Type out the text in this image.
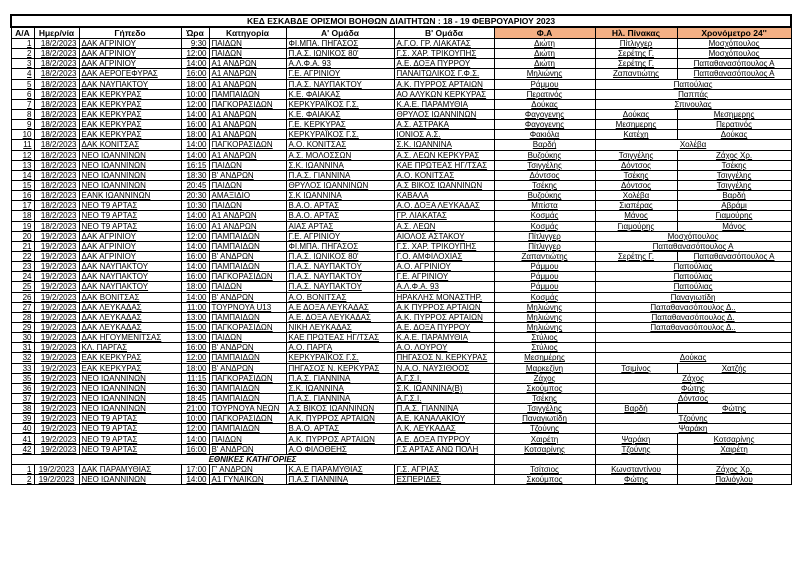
ΚΕΔ ΕΣΚΑΒΔΕ ΟΡΙΣΜΟΙ ΒΟΗΘΩΝ ΔΙΑΙΤΗΤΩΝ : 18 - 19 ΦΕΒΡΟΥΑΡΙΟΥ 2023									
Α/Α	Ημερ/νία	Γήπεδο	Ώρα	Κατηγορία	Α' Ομάδα	Β' Ομάδα	Φ.Α	Ηλ. Πίνακας	Χρονόμετρο 24''
1	18/2/2023	ΔΑΚ ΑΓΡΙΝΙΟΥ	9:30	ΠΑΙΔΩΝ	ΦΙ.ΜΠΑ. ΠΗΓΑΣΟΣ	Α.Γ.Ο. ΓΡ. ΛΙΑΚΑΤΑΣ	Διώτη	Πίτλιγγερ	Μοσχόπουλος
2	18/2/2023	ΔΑΚ ΑΓΡΙΝΙΟΥ	12:00	ΠΑΙΔΩΝ	Π.Α.Σ. ΙΩΝΙΚΟΣ 80'	Γ.Σ. ΧΑΡ. ΤΡΙΚΟΥΠΗΣ	Διώτη	Σερέτης Γ.	Μοσχόπουλος
3	18/2/2023	ΔΑΚ ΑΓΡΙΝΙΟΥ	14:00	Α1 ΑΝΔΡΩΝ	Α.Λ.Φ.Α. 93	Α.Ε. ΔΟΞΑ ΠΥΡΡΟΥ	Διώτη	Σερέτης Γ.	Παπαθανασόπουλος Α
4	18/2/2023	ΔΑΚ ΑΕΡΟΓΕΦΥΡΑΣ	16:00	Α1 ΑΝΔΡΩΝ	Γ.Ε. ΑΓΡΙΝΙΟΥ	ΠΑΝΑΙΤΩΛΙΚΟΣ Γ.Φ.Σ.	Μηλιώνης	Ζαπαντιώτης	Παπαθανασόπουλος Α
5	18/2/2023	ΔΑΚ ΝΑΥΠΑΚΤΟΥ	18:00	Α1 ΑΝΔΡΩΝ	Π.Α.Σ. ΝΑΥΠΑΚΤΟΥ	Α.Κ. ΠΥΡΡΟΣ ΑΡΤΑΙΩΝ	Ράμμου	Παπούλιας	
6	18/2/2023	ΕΑΚ ΚΕΡΚΥΡΑΣ	10:00	ΠΑΜΠΑΙΔΩΝ	Κ.Ε. ΦΑΙΑΚΑΣ	ΑΟ ΑΛΥΚΩΝ ΚΕΡΚΥΡΑΣ	Περατινός	Παππάς	
7	18/2/2023	ΕΑΚ ΚΕΡΚΥΡΑΣ	12:00	ΠΑΓΚΟΡΑΣΙΔΩΝ	ΚΕΡΚΥΡΑΪΚΟΣ Γ.Σ.	Κ.Α.Ε. ΠΑΡΑΜΥΘΙΑ	Δούκας	Σπινουλας	
8	18/2/2023	ΕΑΚ ΚΕΡΚΥΡΑΣ	14:00	Α1 ΑΝΔΡΩΝ	Κ.Ε. ΦΑΙΑΚΑΣ	ΘΡΥΛΟΣ ΙΩΑΝΝΙΝΩΝ	Φαγογενης	Δούκας	Μεσημερης
9	18/2/2023	ΕΑΚ ΚΕΡΚΥΡΑΣ	16:00	Α1 ΑΝΔΡΩΝ	Γ.Ε. ΚΕΡΚΥΡΑΣ	Α.Σ. ΑΣΤΡΑΚΑ	Φαγογενης	Μεσημερης	Περατινός
10	18/2/2023	ΕΑΚ ΚΕΡΚΥΡΑΣ	18:00	Α1 ΑΝΔΡΩΝ	ΚΕΡΚΥΡΑΪΚΟΣ Γ.Σ.	ΙΟΝΙΟΣ Α.Σ.	Φακιόλα	Κατέχη	Δούκας
11	18/2/2023	ΔΑΚ ΚΟΝΙΤΣΑΣ	14:00	ΠΑΓΚΟΡΑΣΙΔΩΝ	Α.Ο. ΚΟΝΙΤΣΑΣ	Σ.Κ. ΙΩΑΝΝΙΝΑ	Βαρδή	Χολέβα	
12	18/2/2023	ΝΕΟ ΙΩΑΝΝΙΝΩΝ	14:00	Α1 ΑΝΔΡΩΝ	Α.Σ. ΜΟΛΟΣΣΩΝ	Α.Σ. ΛΕΩΝ ΚΕΡΚΥΡΑΣ	Βυζούκης	Τσιγγέλης	Ζάχος Χρ.
13	18/2/2023	ΝΕΟ ΙΩΑΝΝΙΝΩΝ	16:15	ΠΑΙΔΩΝ	Σ.Κ. ΙΩΑΝΝΙΝΑ	ΚΑΕ ΠΡΩΤΕΑΣ ΗΓ/ΤΣΑΣ	Τσιγγέλης	Δόντσος	Τσέκης
14	18/2/2023	ΝΕΟ ΙΩΑΝΝΙΝΩΝ	18:30	Β' ΑΝΔΡΩΝ	Π.Α.Σ. ΓΙΑΝΝΙΝΑ	Α.Ο. ΚΟΝΙΤΣΑΣ	Δόντσος	Τσέκης	Τσιγγέλης
15	18/2/2023	ΝΕΟ ΙΩΑΝΝΙΝΩΝ	20:45	ΠΑΙΔΩΝ	ΘΡΥΛΟΣ ΙΩΑΝΝΙΝΩΝ	Α.Σ ΒΙΚΟΣ ΙΩΑΝΝΙΝΩΝ	Τσέκης	Δόντσος	Τσιγγέλης
16	18/2/2023	ΕΑΝΚ ΙΩΑΝΝΙΝΩΝ	20:30	ΑΜΑΞΙΔΙΟ	Σ.Κ ΙΩΑΝΝΙΝΑ	ΚΑΒΑΛΑ	Βυζούκης	Χολέβα	Βαρδή
17	18/2/2023	ΝΕΟ Τ9 ΑΡΤΑΣ	10:30	ΠΑΙΔΩΝ	Β.Α.Ο. ΑΡΤΑΣ	Α.Ο. ΔΟΞΑ ΛΕΥΚΑΔΑΣ	Μπίστα	Σιαπέρας	Αβράμι
18	18/2/2023	ΝΕΟ Τ9 ΑΡΤΑΣ	14:00	Α1 ΑΝΔΡΩΝ	Β.Α.Ο. ΑΡΤΑΣ	ΓΡ. ΛΙΑΚΑΤΑΣ	Κοσμάς	Μάνος	Γιαμούρης
19	18/2/2023	ΝΕΟ Τ9 ΑΡΤΑΣ	16:00	Α1 ΑΝΔΡΩΝ	ΑΙΑΣ ΑΡΤΑΣ	Α.Σ. ΛΕΩΝ	Κοσμάς	Γιαμούρης	Μάνος
20	19/2/2023	ΔΑΚ ΑΓΡΙΝΙΟΥ	12:00	ΠΑΜΠΑΙΔΩΝ	Γ.Ε. ΑΓΡΙΝΙΟΥ	ΑΙΟΛΟΣ ΑΣΤΑΚΟΥ	Πίτλιγγερ	Μοσχόπουλος	
21	19/2/2023	ΔΑΚ ΑΓΡΙΝΙΟΥ	14:00	ΠΑΜΠΑΙΔΩΝ	ΦΙ.ΜΠΑ. ΠΗΓΑΣΟΣ	Γ.Σ. ΧΑΡ. ΤΡΙΚΟΥΠΗΣ	Πίτλιγγερ	Παπαθανασόπουλος Α	
22	19/2/2023	ΔΑΚ ΑΓΡΙΝΙΟΥ	16:00	Β' ΑΝΔΡΩΝ	Π.Α.Σ. ΙΩΝΙΚΟΣ 80'	Γ.Ο. ΑΜΦΙΛΟΧΙΑΣ	Ζαπαντιώτης	Σερέτης Γ.	Παπαθανασόπουλος Α
23	19/2/2023	ΔΑΚ ΝΑΥΠΑΚΤΟΥ	14:00	ΠΑΜΠΑΙΔΩΝ	Π.Α.Σ. ΝΑΥΠΑΚΤΟΥ	Α.Ο. ΑΓΡΙΝΙΟΥ	Ράμμου	Παπούλιας	
24	19/2/2023	ΔΑΚ ΝΑΥΠΑΚΤΟΥ	16:00	ΠΑΓΚΟΡΑΣΙΔΩΝ	Π.Α.Σ. ΝΑΥΠΑΚΤΟΥ	Γ.Ε. ΑΓΡΙΝΙΟΥ	Ράμμου	Παπούλιας	
25	19/2/2023	ΔΑΚ ΝΑΥΠΑΚΤΟΥ	18:00	ΠΑΙΔΩΝ	Π.Α.Σ. ΝΑΥΠΑΚΤΟΥ	Α.Λ.Φ.Α. 93	Ράμμου	Παπούλιας	
26	19/2/2023	ΔΑΚ ΒΟΝΙΤΣΑΣ	14:00	Β' ΑΝΔΡΩΝ	Α.Ο. ΒΟΝΙΤΣΑΣ	ΗΡΑΚΛΗΣ ΜΟΝΑΣΤΗΡ.	Κοσμάς	Παναγιωτίδη	
27	19/2/2023	ΔΑΚ ΛΕΥΚΑΔΑΣ	11:00	ΤΟΥΡΝΟΥΑ U13	Α.Ε ΔΟΞΑ ΛΕΥΚΑΔΑΣ	Α.Κ ΠΥΡΡΟΣ ΑΡΤΑΙΩΝ	Μηλιώνης	Παπαθανασόπουλος Δ..	
28	19/2/2023	ΔΑΚ ΛΕΥΚΑΔΑΣ	13:00	ΠΑΜΠΑΙΔΩΝ	Α.Ε. ΔΟΞΑ ΛΕΥΚΑΔΑΣ	Α.Κ. ΠΥΡΡΟΣ ΑΡΤΑΙΩΝ	Μηλιώνης	Παπαθανασόπουλος Δ.	
29	19/2/2023	ΔΑΚ ΛΕΥΚΑΔΑΣ	15:00	ΠΑΓΚΟΡΑΣΙΔΩΝ	ΝΙΚΗ ΛΕΥΚΑΔΑΣ	Α.Ε. ΔΟΞΑ ΠΥΡΡΟΥ	Μηλιώνης	Παπαθανασόπουλος Δ..	
30	19/2/2023	ΔΑΚ ΗΓΟΥΜΕΝΙΤΣΑΣ	13:00	ΠΑΙΔΩΝ	ΚΑΕ ΠΡΩΤΕΑΣ ΗΓ/ΤΣΑΣ	Κ.Α.Ε. ΠΑΡΑΜΥΘΙΑ	Στύλιος		
31	19/2/2023	ΚΛ. ΠΑΡΓΑΣ	16:00	Β' ΑΝΔΡΩΝ	Α.Ο. ΠΑΡΓΑ	Α.Ο. ΛΟΥΡΟΥ	Στύλιος		
32	19/2/2023	ΕΑΚ ΚΕΡΚΥΡΑΣ	12:00	ΠΑΜΠΑΙΔΩΝ	ΚΕΡΚΥΡΑΪΚΟΣ Γ.Σ.	ΠΗΓΑΣΟΣ Ν. ΚΕΡΚΥΡΑΣ	Μεσημέρης	Δούκας	
33	19/2/2023	ΕΑΚ ΚΕΡΚΥΡΑΣ	18:00	Β' ΑΝΔΡΩΝ	ΠΗΓΑΣΟΣ Ν. ΚΕΡΚΥΡΑΣ	Ν.Α.Ο. ΝΑΥΣΙΘΟΟΣ	Μαρκεζίνη	Τσιμίνος	Χατζής
35	19/2/2023	ΝΕΟ ΙΩΑΝΝΙΝΩΝ	11:15	ΠΑΓΚΟΡΑΣΙΔΩΝ	Π.Α.Σ. ΓΙΑΝΝΙΝΑ	Α.Γ.Σ.Ι.	Ζάχος	Ζάχος	
36	19/2/2023	ΝΕΟ ΙΩΑΝΝΙΝΩΝ	16:30	ΠΑΜΠΑΙΔΩΝ	Σ.Κ. ΙΩΑΝΝΙΝΑ	Σ.Κ. ΙΩΑΝΝΙΝΑ(Β)	Σκούμπος	Φώτης	
37	19/2/2023	ΝΕΟ ΙΩΑΝΝΙΝΩΝ	18:45	ΠΑΜΠΑΙΔΩΝ	Π.Α.Σ. ΓΙΑΝΝΙΝΑ	Α.Γ.Σ.Ι.	Τσέκης	Δόντσος	
38	19/2/2023	ΝΕΟ ΙΩΑΝΝΙΝΩΝ	21:00	ΤΟΥΡΝΟΥΑ ΝΕΩΝ	Α.Σ ΒΙΚΟΣ ΙΩΑΝΝΙΝΩΝ	Π.Α.Σ. ΓΙΑΝΝΙΝΑ	Τσιγγέλης	Βαρδή	Φώτης
39	19/2/2023	ΝΕΟ Τ9 ΑΡΤΑΣ	10:00	ΠΑΓΚΟΡΑΣΙΔΩΝ	Α.Κ. ΠΥΡΡΟΣ ΑΡΤΑΙΩΝ	Α.Ε. ΚΑΝΑΛΑΚΙΟΥ	Παναγιωτίδη	Τζούνης	
40	19/2/2023	ΝΕΟ Τ9 ΑΡΤΑΣ	12:00	ΠΑΜΠΑΙΔΩΝ	Β.Α.Ο. ΑΡΤΑΣ	Λ.Κ. ΛΕΥΚΑΔΑΣ	Τζούνης	Ψαράκη	
41	19/2/2023	ΝΕΟ Τ9 ΑΡΤΑΣ	14:00	ΠΑΙΔΩΝ	Α.Κ. ΠΥΡΡΟΣ ΑΡΤΑΙΩΝ	Α.Ε. ΔΟΞΑ ΠΥΡΡΟΥ	Χαιρέτη	Ψαράκη	Κοτσαρίνης
42	19/2/2023	ΝΕΟ Τ9 ΑΡΤΑΣ	16:00	Β' ΑΝΔΡΩΝ	Α.Ο ΦΙΛΟΘΕΗΣ	Γ.Σ ΑΡΤΑΣ ΑΝΩ ΠΟΛΗ	Κοτσαρίνης	Τζούνης	Χαιρέτη
ΕΘΝΙΚΕΣ ΚΑΤΗΓΟΡΙΕΣ									
1	19/2/2023	ΔΑΚ ΠΑΡΑΜΥΘΙΑΣ	17:00	Γ' ΑΝΔΡΩΝ	Κ.Α.Ε ΠΑΡΑΜΥΘΙΑΣ	Γ.Σ. ΑΓΡΙΑΣ	Τσίτσιος	Κωνσταντίνου	Ζάχος Χρ.
2	19/2/2023	ΝΕΟ ΙΩΑΝΝΙΝΩΝ	14:00	Α1 ΓΥΝΑΙΚΩΝ	Π.Α.Σ ΓΙΑΝΝΙΝΑ	ΕΣΠΕΡΙΔΕΣ	Σκούμπος	Φώτης	Παλιόγλου
